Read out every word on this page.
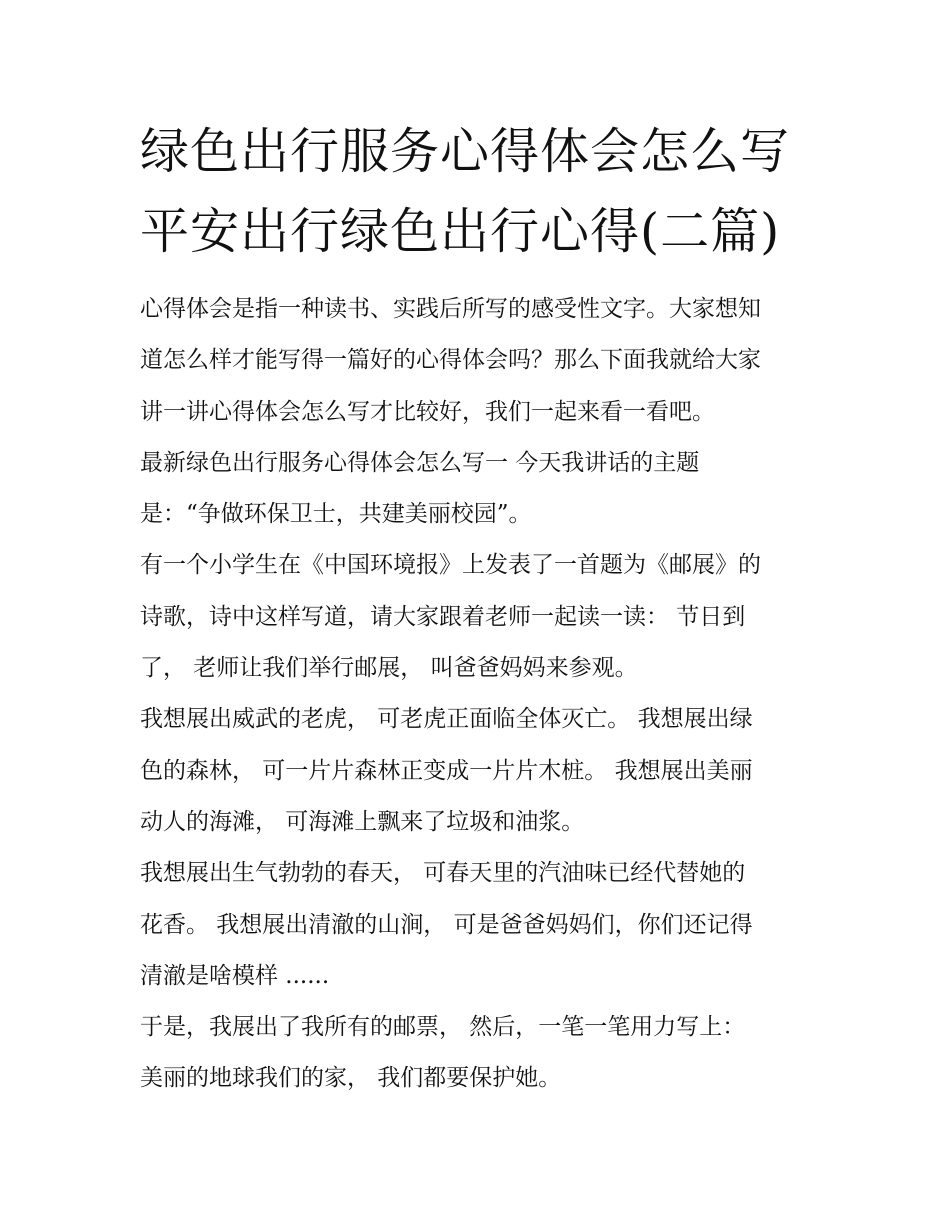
绿色出行服务心得体会怎么写
平安出行绿色出行心得(二篇)

心得体会是指一种读书、实践后所写的感受性文字。大家想知

道怎么样才能写得一篇好的心得体会吗？那么下面我就给大家

讲一讲心得体会怎么写才比较好，我们一起来看一看吧。

最新绿色出行服务心得体会怎么写一 今天我讲话的主题

是：“争做环保卫士，共建美丽校园”。

有一个小学生在《中国环境报》上发表了一首题为《邮展》的

诗歌，诗中这样写道，请大家跟着老师一起读一读： 节日到

了， 老师让我们举行邮展， 叫爸爸妈妈来参观。

我想展出威武的老虎， 可老虎正面临全体灭亡。 我想展出绿

色的森林， 可一片片森林正变成一片片木桩。 我想展出美丽

动人的海滩， 可海滩上飘来了垃圾和油浆。

我想展出生气勃勃的春天， 可春天里的汽油味已经代替她的

花香。 我想展出清澈的山涧， 可是爸爸妈妈们，你们还记得

清澈是啥模样 ......

于是，我展出了我所有的邮票， 然后，一笔一笔用力写上：

美丽的地球我们的家， 我们都要保护她。
